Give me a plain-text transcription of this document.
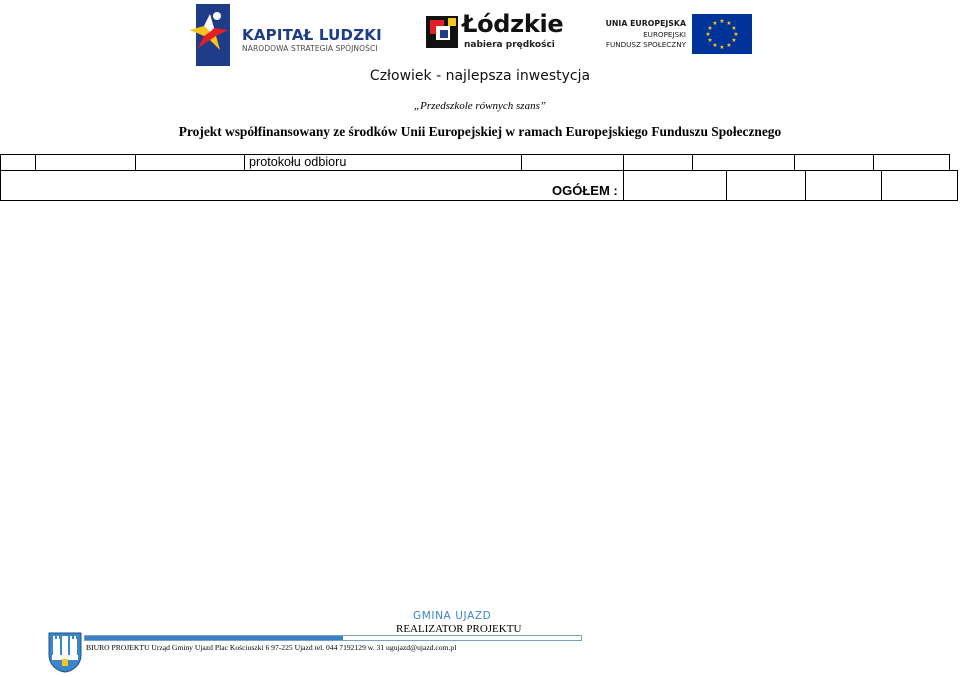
KAPITAŁ LUDZKI
NARODOWA STRATEGIA SPÓJNOŚCI
Łódzkie
nabiera prędkości
UNIA EUROPEJSKA
EUROPEJSKI
FUNDUSZ SPOŁECZNY
★ ★
★
★
★
★
★
★
★
★
★
★
Człowiek - najlepsza inwestycja
„Przedszkole równych szans”
Projekt współfinansowany ze środków Unii Europejskiej w ramach Europejskiego Funduszu Społecznego
protokołu odbioru
OGÓŁEM :
GMINA UJAZD
REALIZATOR PROJEKTU
BIURO PROJEKTU Urząd Gminy Ujazd Plac Kościuszki 6 97-225 Ujazd tel. 044 7192129 w. 31 ugujazd@ujazd.com.pl
